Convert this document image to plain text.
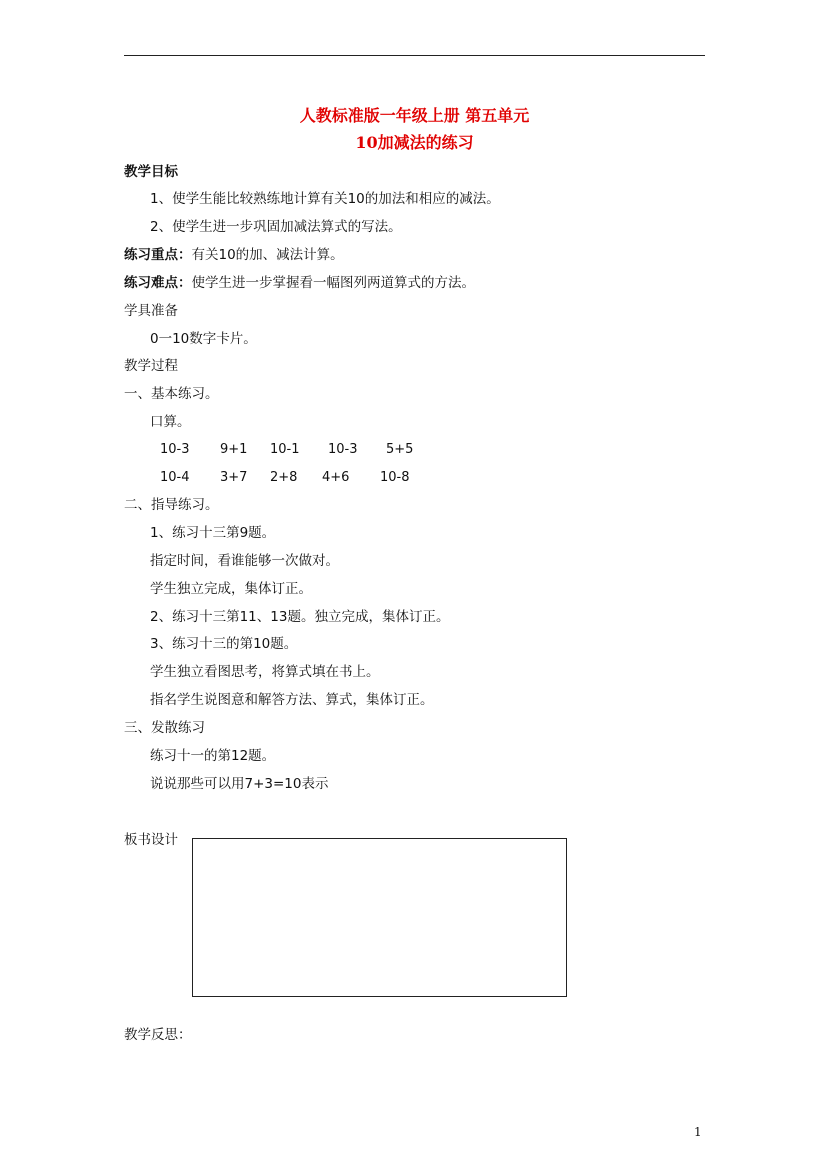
人教标准版一年级上册 第五单元
10加减法的练习
教学目标
1、使学生能比较熟练地计算有关10的加法和相应的减法。
2、使学生进一步巩固加减法算式的写法。
练习重点：有关10的加、减法计算。
练习难点：使学生进一步掌握看一幅图列两道算式的方法。
学具准备
0一10数字卡片。
教学过程
一、基本练习。
口算。
10-3 9+1 10-1 10-3 5+5
10-4 3+7 2+8 4+6 10-8
二、指导练习。
1、练习十三第9题。
指定时间，看谁能够一次做对。
学生独立完成，集体订正。
2、练习十三第11、13题。独立完成，集体订正。
3、练习十三的第10题。
学生独立看图思考，将算式填在书上。
指名学生说图意和解答方法、算式，集体订正。
三、发散练习
练习十一的第12题。
说说那些可以用7+3=10表示
板书设计
教学反思：
1
